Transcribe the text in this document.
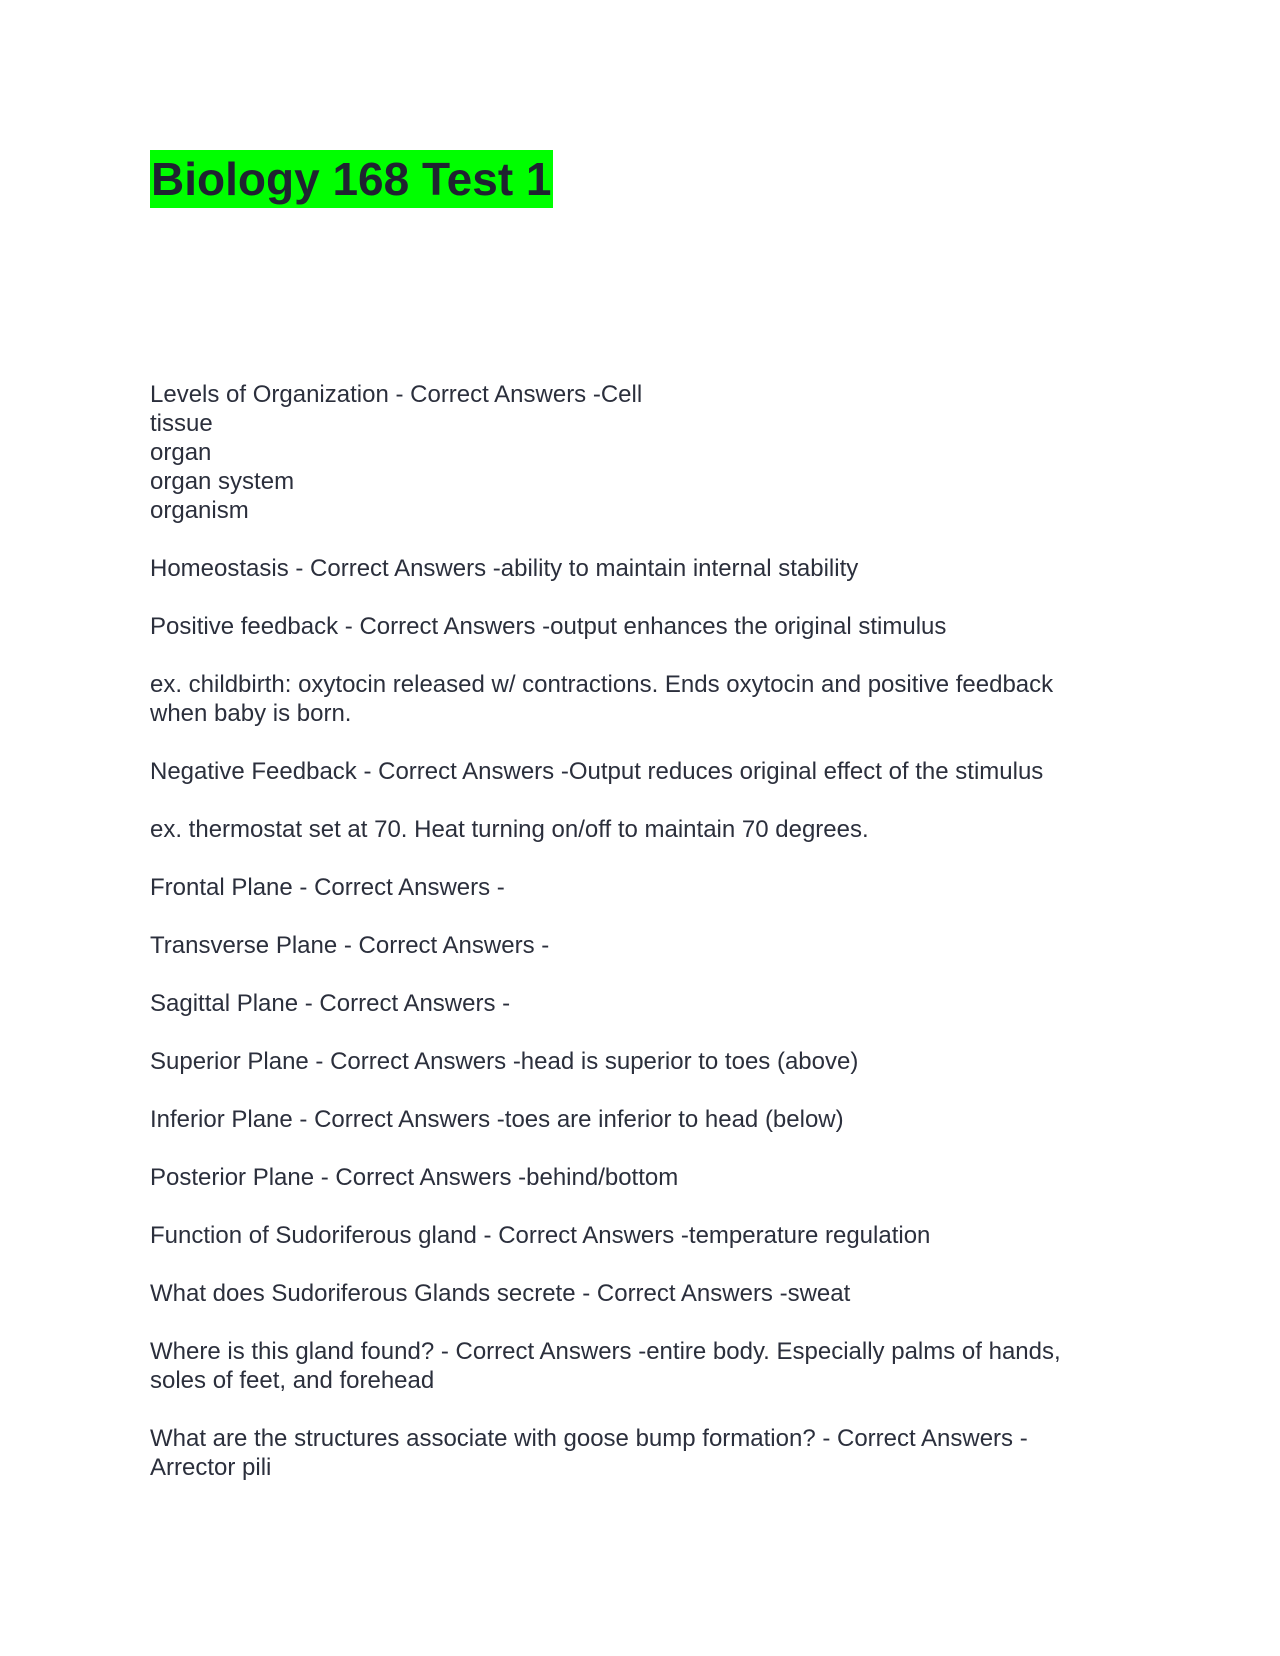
Biology 168 Test 1
Levels of Organization - Correct Answers -Cell
tissue
organ
organ system
organism
Homeostasis - Correct Answers -ability to maintain internal stability
Positive feedback - Correct Answers -output enhances the original stimulus
ex. childbirth: oxytocin released w/ contractions. Ends oxytocin and positive feedback
when baby is born.
Negative Feedback - Correct Answers -Output reduces original effect of the stimulus
ex. thermostat set at 70. Heat turning on/off to maintain 70 degrees.
Frontal Plane - Correct Answers -
Transverse Plane - Correct Answers -
Sagittal Plane - Correct Answers -
Superior Plane - Correct Answers -head is superior to toes (above)
Inferior Plane - Correct Answers -toes are inferior to head (below)
Posterior Plane - Correct Answers -behind/bottom
Function of Sudoriferous gland - Correct Answers -temperature regulation
What does Sudoriferous Glands secrete - Correct Answers -sweat
Where is this gland found? - Correct Answers -entire body. Especially palms of hands,
soles of feet, and forehead
What are the structures associate with goose bump formation? - Correct Answers -
Arrector pili
